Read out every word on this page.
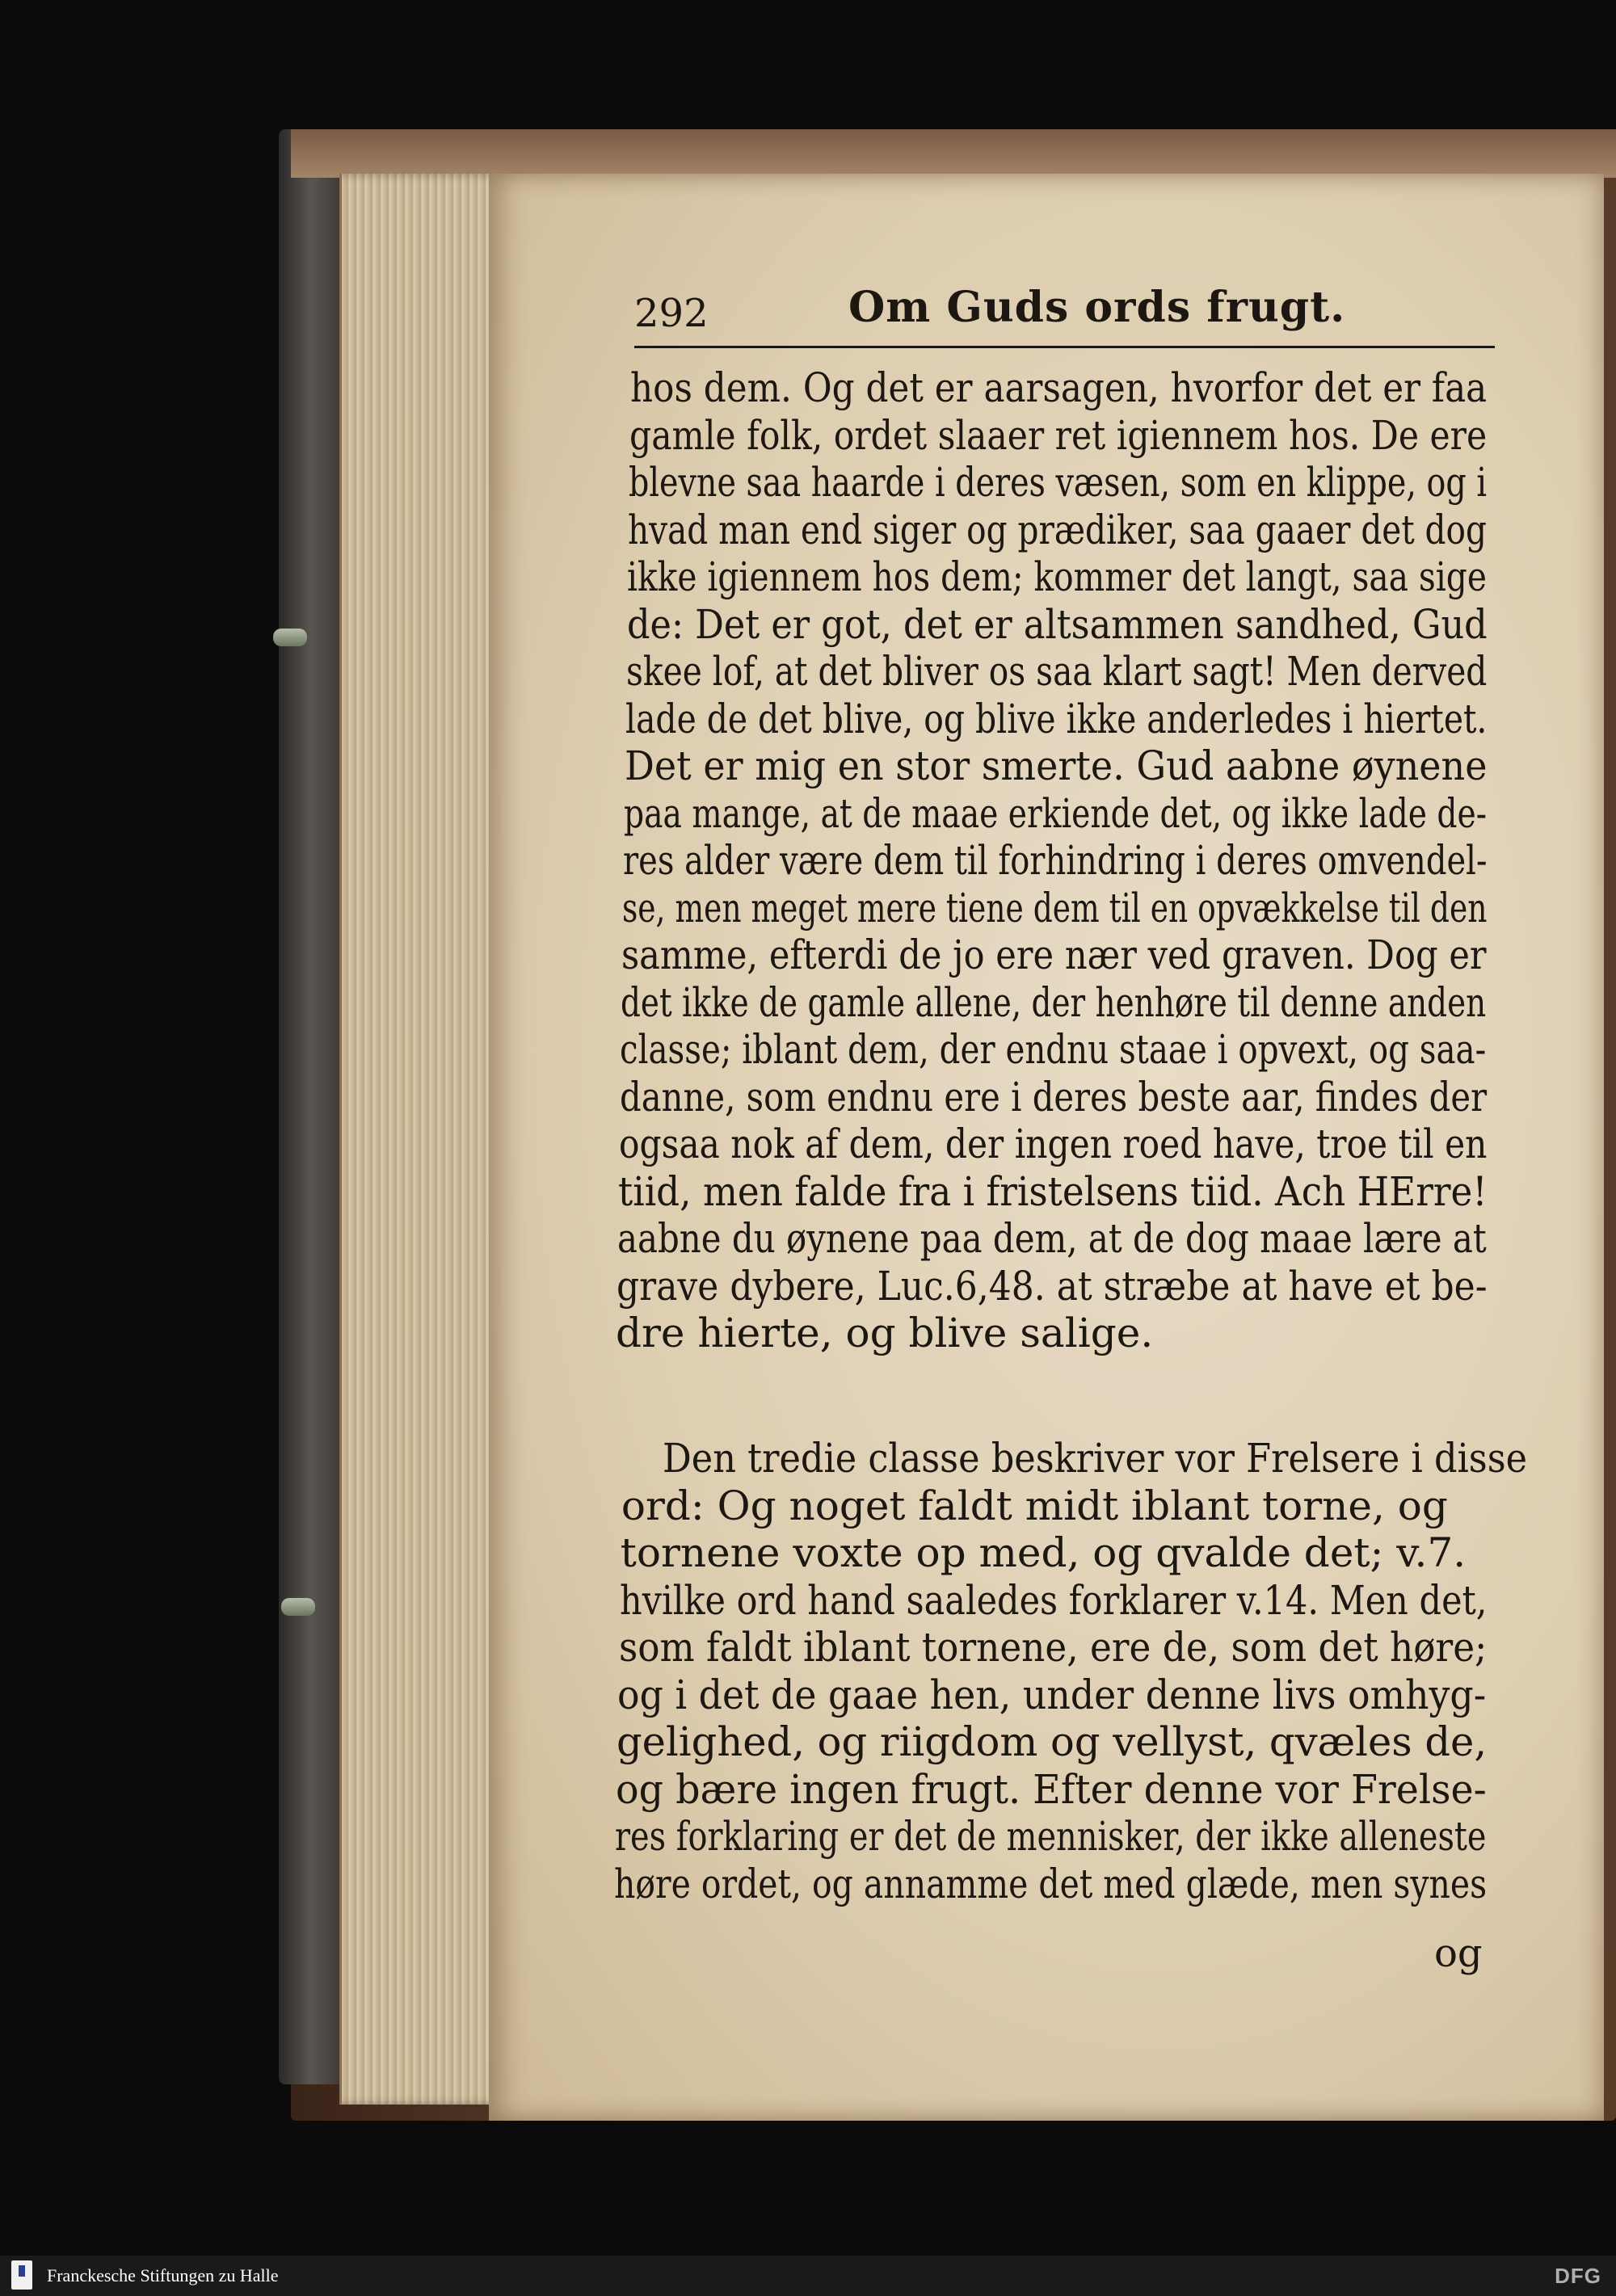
292	Om Guds ords frugt.
hos dem. Og det er aarsagen, hvorfor det er faa
gamle folk, ordet slaaer ret igiennem hos. De ere
blevne saa haarde i deres væsen, som en klippe, og i
hvad man end siger og prædiker, saa gaaer det dog
ikke igiennem hos dem; kommer det langt, saa sige
de: Det er got, det er altsammen sandhed, Gud
skee lof, at det bliver os saa klart sagt! Men derved
lade de det blive, og blive ikke anderledes i hiertet.
Det er mig en stor smerte. Gud aabne øynene
paa mange, at de maae erkiende det, og ikke lade de-
res alder være dem til forhindring i deres omvendel-
se, men meget mere tiene dem til en opvækkelse til den
samme, efterdi de jo ere nær ved graven. Dog er
det ikke de gamle allene, der henhøre til denne anden
classe; iblant dem, der endnu staae i opvext, og saa-
danne, som endnu ere i deres beste aar, findes der
ogsaa nok af dem, der ingen roed have, troe til en
tiid, men falde fra i fristelsens tiid. Ach HErre!
aabne du øynene paa dem, at de dog maae lære at
grave dybere, Luc.6,48. at stræbe at have et be-
dre hierte, og blive salige.
Den tredie classe beskriver vor Frelsere i disse
ord: Og noget faldt midt iblant torne, og
tornene voxte op med, og qvalde det; v.7.
hvilke ord hand saaledes forklarer v.14. Men det,
som faldt iblant tornene, ere de, som det høre;
og i det de gaae hen, under denne livs omhyg-
gelighed, og riigdom og vellyst, qvæles de,
og bære ingen frugt. Efter denne vor Frelse-
res forklaring er det de mennisker, der ikke alleneste
høre ordet, og annamme det med glæde, men synes
og
Franckesche Stiftungen zu Halle	DFG
